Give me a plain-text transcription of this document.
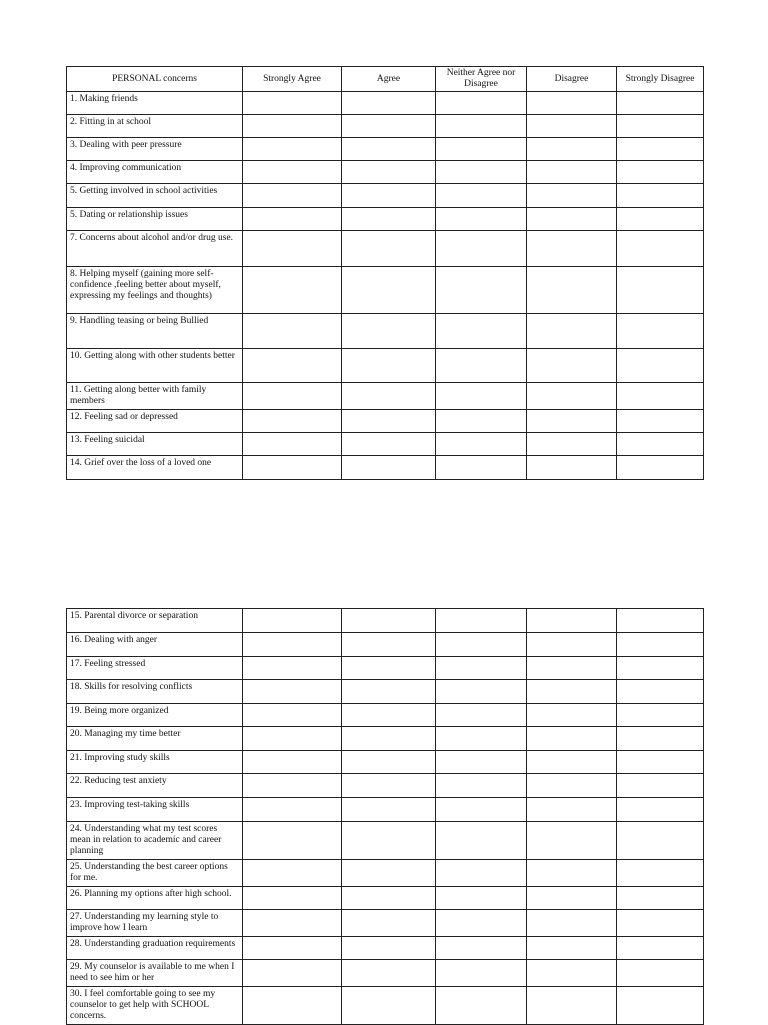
PERSONAL concerns	Strongly Agree	Agree	Neither Agree nor Disagree	Disagree	Strongly Disagree
1. Making friends					
2. Fitting in at school					
3. Dealing with peer pressure					
4. Improving communication					
5. Getting involved in school activities					
5. Dating or relationship issues					
7. Concerns about alcohol and/or drug use.					
8. Helping myself (gaining more self-confidence ,feeling better about myself, expressing my feelings and thoughts)					
9. Handling teasing or being Bullied					
10. Getting along with other students better					
11. Getting along better with family members					
12. Feeling sad or depressed					
13. Feeling suicidal					
14. Grief over the loss of a loved one					
15. Parental divorce or separation					
16. Dealing with anger					
17. Feeling stressed					
18. Skills for resolving conflicts					
19. Being more organized					
20. Managing my time better					
21. Improving study skills					
22. Reducing test anxiety					
23. Improving test-taking skills					
24. Understanding what my test scores mean in relation to academic and career planning					
25. Understanding the best career options for me.					
26. Planning my options after high school.					
27. Understanding my learning style to improve how I learn					
28. Understanding graduation requirements					
29. My counselor is available to me when I need to see him or her					
30. I feel comfortable going to see my counselor to get help with SCHOOL concerns.					
